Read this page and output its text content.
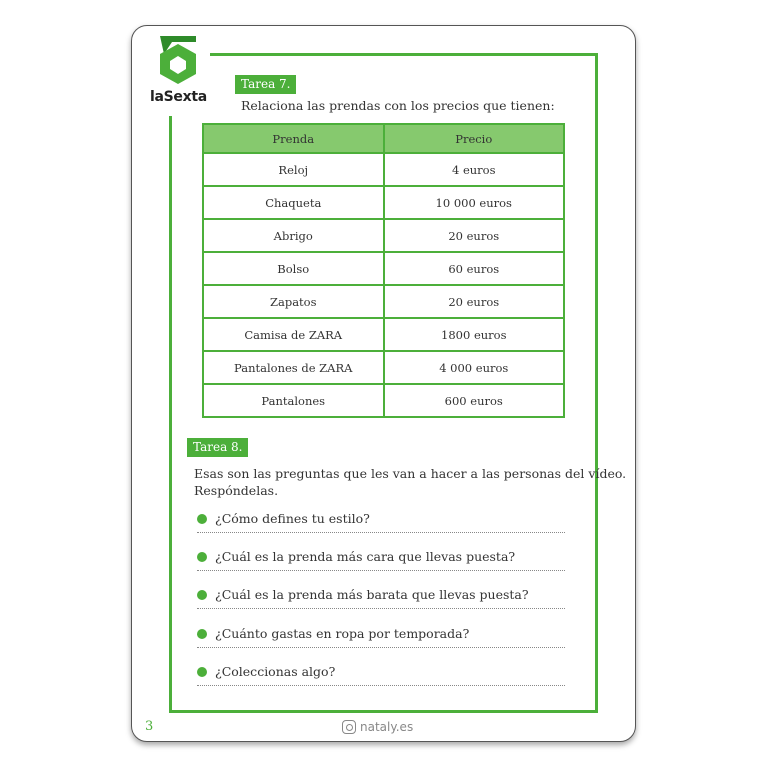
laSexta
Tarea 7.
Relaciona las prendas con los precios que tienen:
Prenda	Precio
Reloj	4 euros
Chaqueta	10 000 euros
Abrigo	20 euros
Bolso	60 euros
Zapatos	20 euros
Camisa de ZARA	1800 euros
Pantalones de ZARA	4 000 euros
Pantalones	600 euros
Tarea 8.
Esas son las preguntas que les van a hacer a las personas del vídeo.
Respóndelas.
¿Cómo defines tu estilo?
¿Cuál es la prenda más cara que llevas puesta?
¿Cuál es la prenda más barata que llevas puesta?
¿Cuánto gastas en ropa por temporada?
¿Coleccionas algo?
3	nataly.es
